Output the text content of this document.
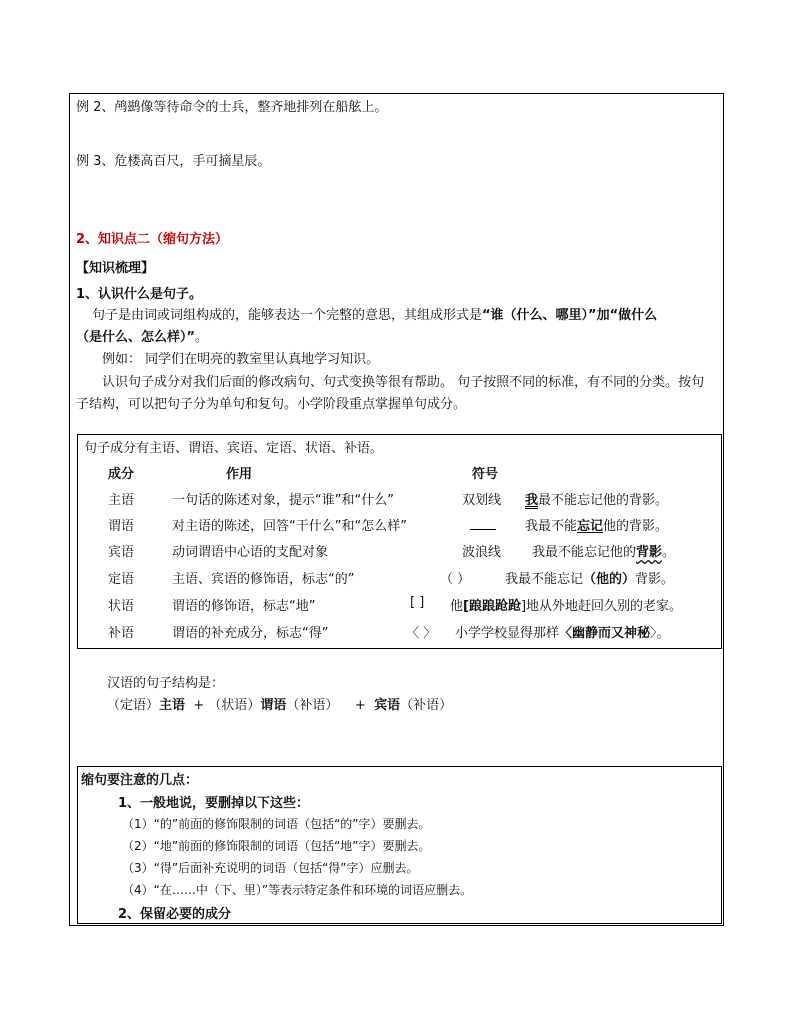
例 2、鸬鹚像等待命令的士兵，整齐地排列在船舷上。
例 3、危楼高百尺，手可摘星辰。
2、知识点二（缩句方法）
【知识梳理】
1、认识什么是句子。
句子是由词或词组构成的，能够表达一个完整的意思，其组成形式是“谁（什么、哪里）”加“做什么
（是什么、怎么样）”。
例如： 同学们在明亮的教室里认真地学习知识。
认识句子成分对我们后面的修改病句、句式变换等很有帮助。 句子按照不同的标准，有不同的分类。按句
子结构，可以把句子分为单句和复句。小学阶段重点掌握单句成分。
句子成分有主语、谓语、宾语、定语、状语、补语。
成分	作用	符号
主语	一句话的陈述对象，提示“谁”和“什么”	双划线 我最不能忘记他的背影。
谓语	对主语的陈述，回答“干什么”和“怎么样”	我最不能忘记他的背影。
宾语	动词谓语中心语的支配对象	波浪线 我最不能忘记他的背影。
定语	主语、宾语的修饰语，标志“的”	（ ）	我最不能忘记（他的）背影。
状语	谓语的修饰语，标志“地”	[ ] 他[踉踉跄跄]地从外地赶回久别的老家。
补语	谓语的补充成分，标志“得”	〈 〉 小学学校显得那样〈幽静而又神秘〉。
汉语的句子结构是：
（定语）主语 + （状语）谓语（补语） + 宾语（补语）
缩句要注意的几点：
1、一般地说，要删掉以下这些：
（1）“的”前面的修饰限制的词语（包括“的”字）要删去。
（2）“地”前面的修饰限制的词语（包括“地”字）要删去。
（3）“得”后面补充说明的词语（包括“得”字）应删去。
（4）“在……中（下、里）”等表示特定条件和环境的词语应删去。
2、保留必要的成分
